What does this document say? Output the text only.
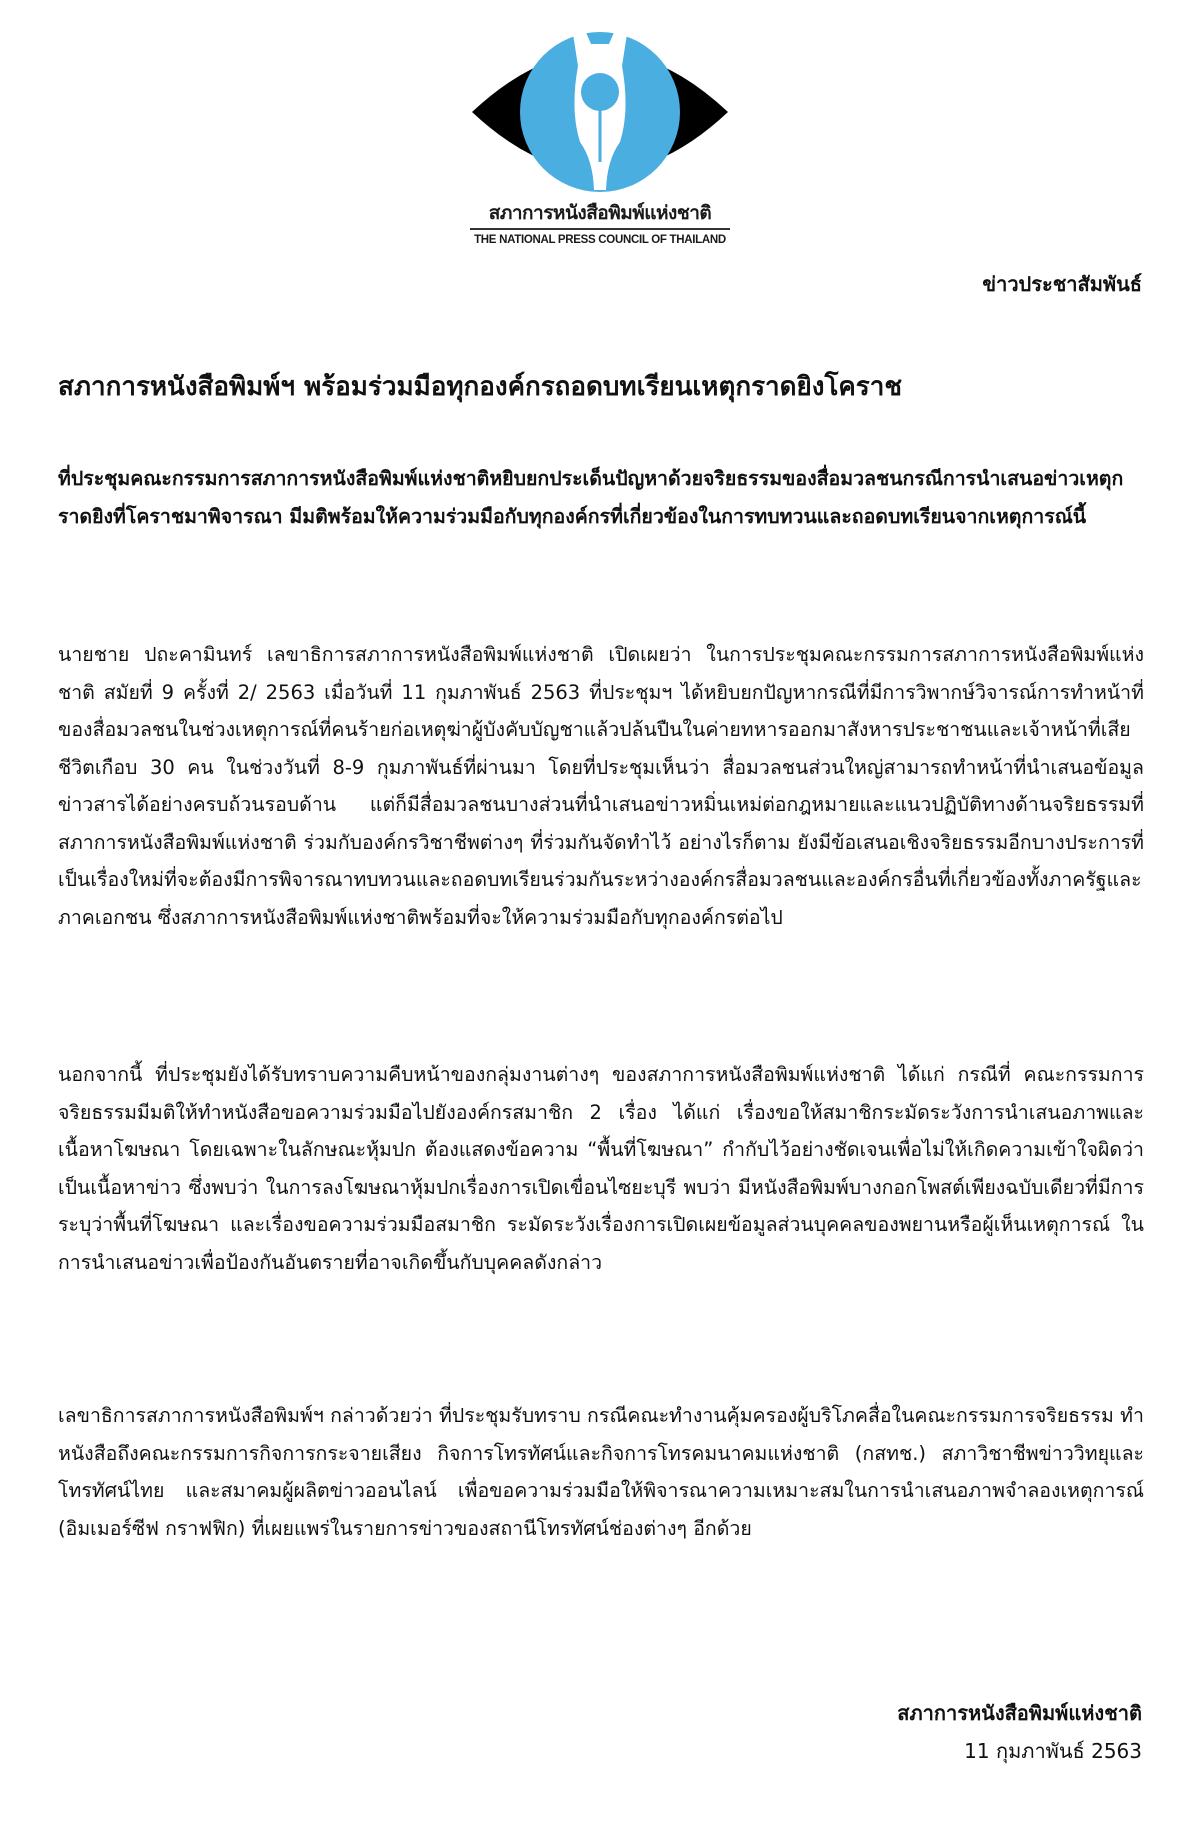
สภาการหนังสือพิมพ์แห่งชาติ
THE NATIONAL PRESS COUNCIL OF THAILAND
ข่าวประชาสัมพันธ์
สภาการหนังสือพิมพ์ฯ พร้อมร่วมมือทุกองค์กรถอดบทเรียนเหตุกราดยิงโคราช
ที่ประชุมคณะกรรมการสภาการหนังสือพิมพ์แห่งชาติหยิบยกประเด็นปัญหาด้วยจริยธรรมของสื่อมวลชนกรณีการนำเสนอข่าวเหตุกราดยิงที่โคราชมาพิจารณา มีมติพร้อมให้ความร่วมมือกับทุกองค์กรที่เกี่ยวข้องในการทบทวนและถอดบทเรียนจากเหตุการณ์นี้
นายชาย ปถะคามินทร์ เลขาธิการสภาการหนังสือพิมพ์แห่งชาติ เปิดเผยว่า ในการประชุมคณะกรรมการสภาการหนังสือพิมพ์แห่งชาติ สมัยที่ 9 ครั้งที่ 2/ 2563 เมื่อวันที่ 11 กุมภาพันธ์ 2563 ที่ประชุมฯ ได้หยิบยกปัญหากรณีที่มีการวิพากษ์วิจารณ์การทำหน้าที่ของสื่อมวลชนในช่วงเหตุการณ์ที่คนร้ายก่อเหตุฆ่าผู้บังคับบัญชาแล้วปล้นปืนในค่ายทหารออกมาสังหารประชาชนและเจ้าหน้าที่เสียชีวิตเกือบ 30 คน ในช่วงวันที่ 8-9 กุมภาพันธ์ที่ผ่านมา โดยที่ประชุมเห็นว่า สื่อมวลชนส่วนใหญ่สามารถทำหน้าที่นำเสนอข้อมูลข่าวสารได้อย่างครบถ้วนรอบด้าน แต่ก็มีสื่อมวลชนบางส่วนที่นำเสนอข่าวหมิ่นเหม่ต่อกฎหมายและแนวปฏิบัติทางด้านจริยธรรมที่สภาการหนังสือพิมพ์แห่งชาติ ร่วมกับองค์กรวิชาชีพต่างๆ ที่ร่วมกันจัดทำไว้ อย่างไรก็ตาม ยังมีข้อเสนอเชิงจริยธรรมอีกบางประการที่เป็นเรื่องใหม่ที่จะต้องมีการพิจารณาทบทวนและถอดบทเรียนร่วมกันระหว่างองค์กรสื่อมวลชนและองค์กรอื่นที่เกี่ยวข้องทั้งภาครัฐและภาคเอกชน ซึ่งสภาการหนังสือพิมพ์แห่งชาติพร้อมที่จะให้ความร่วมมือกับทุกองค์กรต่อไป
นอกจากนี้ ที่ประชุมยังได้รับทราบความคืบหน้าของกลุ่มงานต่างๆ ของสภาการหนังสือพิมพ์แห่งชาติ ได้แก่ กรณีที่ คณะกรรมการจริยธรรมมีมติให้ทำหนังสือขอความร่วมมือไปยังองค์กรสมาชิก 2 เรื่อง ได้แก่ เรื่องขอให้สมาชิกระมัดระวังการนำเสนอภาพและเนื้อหาโฆษณา โดยเฉพาะในลักษณะหุ้มปก ต้องแสดงข้อความ “พื้นที่โฆษณา” กำกับไว้อย่างชัดเจนเพื่อไม่ให้เกิดความเข้าใจผิดว่าเป็นเนื้อหาข่าว ซึ่งพบว่า ในการลงโฆษณาหุ้มปกเรื่องการเปิดเขื่อนไซยะบุรี พบว่า มีหนังสือพิมพ์บางกอกโพสต์เพียงฉบับเดียวที่มีการระบุว่าพื้นที่โฆษณา และเรื่องขอความร่วมมือสมาชิก ระมัดระวังเรื่องการเปิดเผยข้อมูลส่วนบุคคลของพยานหรือผู้เห็นเหตุการณ์ ในการนำเสนอข่าวเพื่อป้องกันอันตรายที่อาจเกิดขึ้นกับบุคคลดังกล่าว
เลขาธิการสภาการหนังสือพิมพ์ฯ กล่าวด้วยว่า ที่ประชุมรับทราบ กรณีคณะทำงานคุ้มครองผู้บริโภคสื่อในคณะกรรมการจริยธรรม ทำหนังสือถึงคณะกรรมการกิจการกระจายเสียง กิจการโทรทัศน์และกิจการโทรคมนาคมแห่งชาติ (กสทช.) สภาวิชาชีพข่าววิทยุและโทรทัศน์ไทย และสมาคมผู้ผลิตข่าวออนไลน์ เพื่อขอความร่วมมือให้พิจารณาความเหมาะสมในการนำเสนอภาพจำลองเหตุการณ์ (อิมเมอร์ซีฟ กราฟฟิก) ที่เผยแพร่ในรายการข่าวของสถานีโทรทัศน์ช่องต่างๆ อีกด้วย
สภาการหนังสือพิมพ์แห่งชาติ
11 กุมภาพันธ์ 2563
